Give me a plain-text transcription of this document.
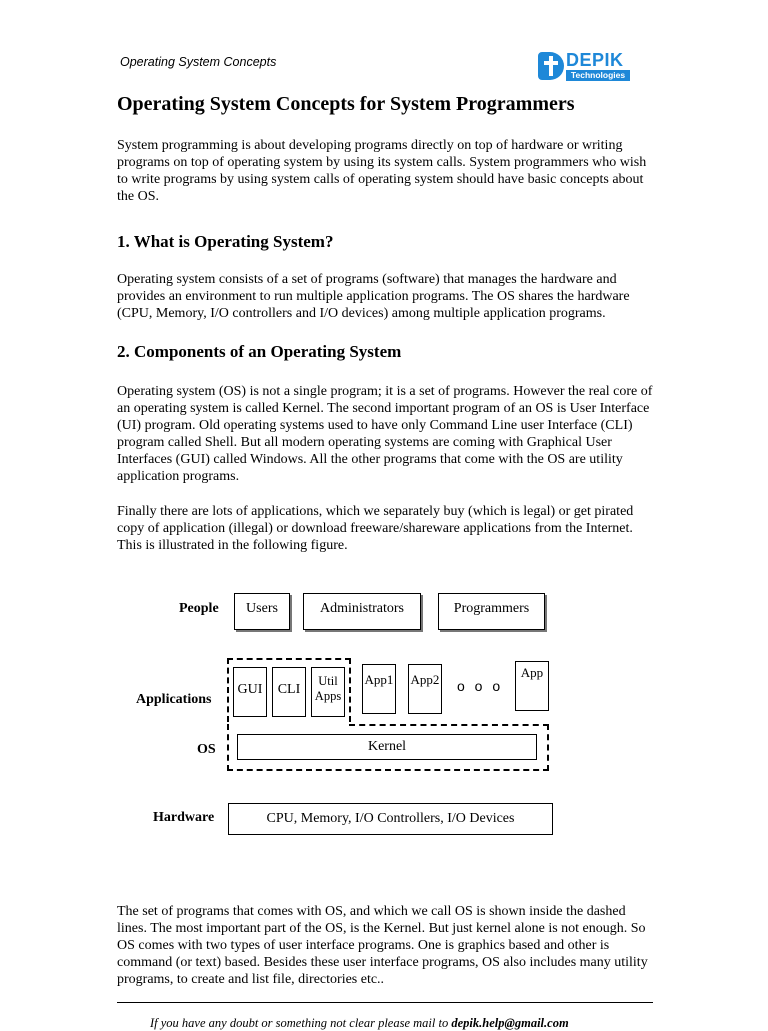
Operating System Concepts	DEPIK
Technologies
Operating System Concepts for System Programmers
System programming is about developing programs directly on top of hardware or writing programs on top of operating system by using its system calls. System programmers who wish to write programs by using system calls of operating system should have basic concepts about the OS.
1. What is Operating System?
Operating system consists of a set of programs (software) that manages the hardware and provides an environment to run multiple application programs. The OS shares the hardware (CPU, Memory, I/O controllers and I/O devices) among multiple application programs.
2. Components of an Operating System
Operating system (OS) is not a single program; it is a set of programs. However the real core of an operating system is called Kernel. The second important program of an OS is User Interface (UI) program. Old operating systems used to have only Command Line user Interface (CLI) program called Shell. But all modern operating systems are coming with Graphical User Interfaces (GUI) called Windows. All the other programs that come with the OS are utility application programs.
Finally there are lots of applications, which we separately buy (which is legal) or get pirated copy of application (illegal) or download freeware/shareware applications from the Internet. This is illustrated in the following figure.
People
Applications
OS
Hardware
Users	Administrators	Programmers
GUI	CLI
Util
Apps
App1 App2 o o o
App
Kernel
CPU, Memory, I/O Controllers, I/O Devices
The set of programs that comes with OS, and which we call OS is shown inside the dashed lines. The most important part of the OS, is the Kernel. But just kernel alone is not enough. So OS comes with two types of user interface programs. One is graphics based and other is command (or text) based. Besides these user interface programs, OS also includes many utility programs, to create and list file, directories etc..
If you have any doubt or something not clear please mail to depik.help@gmail.com
